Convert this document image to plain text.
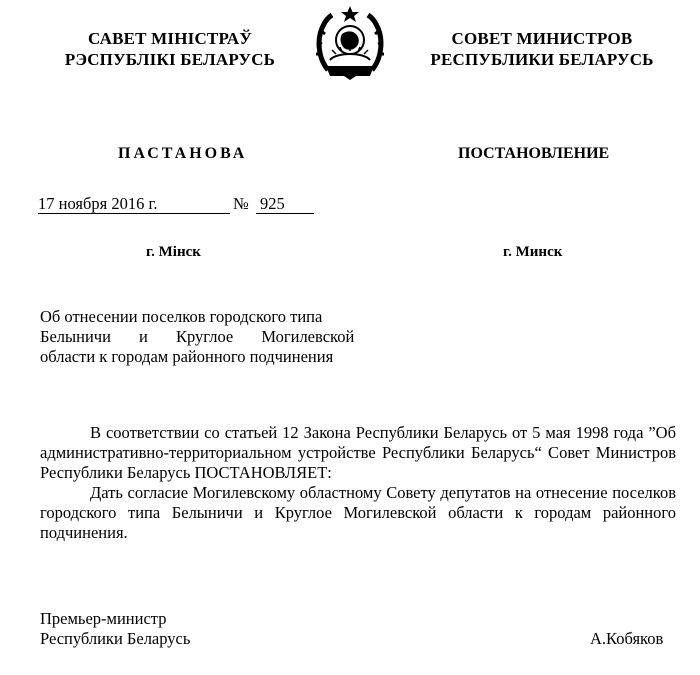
САВЕТ МІНІСТРАЎ
РЭСПУБЛІКІ БЕЛАРУСЬ
СОВЕТ МИНИСТРОВ
РЕСПУБЛИКИ БЕЛАРУСЬ
ПАСТАНОВА	ПОСТАНОВЛЕНИЕ
17 ноября 2016 г.	№ 925
г. Мінск	г. Минск
Об отнесении поселков городского типа
Белыничи и Круглое Могилевской
области к городам районного подчинения

В соответствии со статьей 12 Закона Республики Беларусь от 5 мая 1998 года ”Об административно-территориальном устройстве Республики Беларусь“ Совет Министров Республики Беларусь ПОСТАНОВЛЯЕТ:

Дать согласие Могилевскому областному Совету депутатов на отнесение поселков городского типа Белыничи и Круглое Могилевской области к городам районного подчинения.

Премьер-министр
Республики Беларусь	А.Кобяков
